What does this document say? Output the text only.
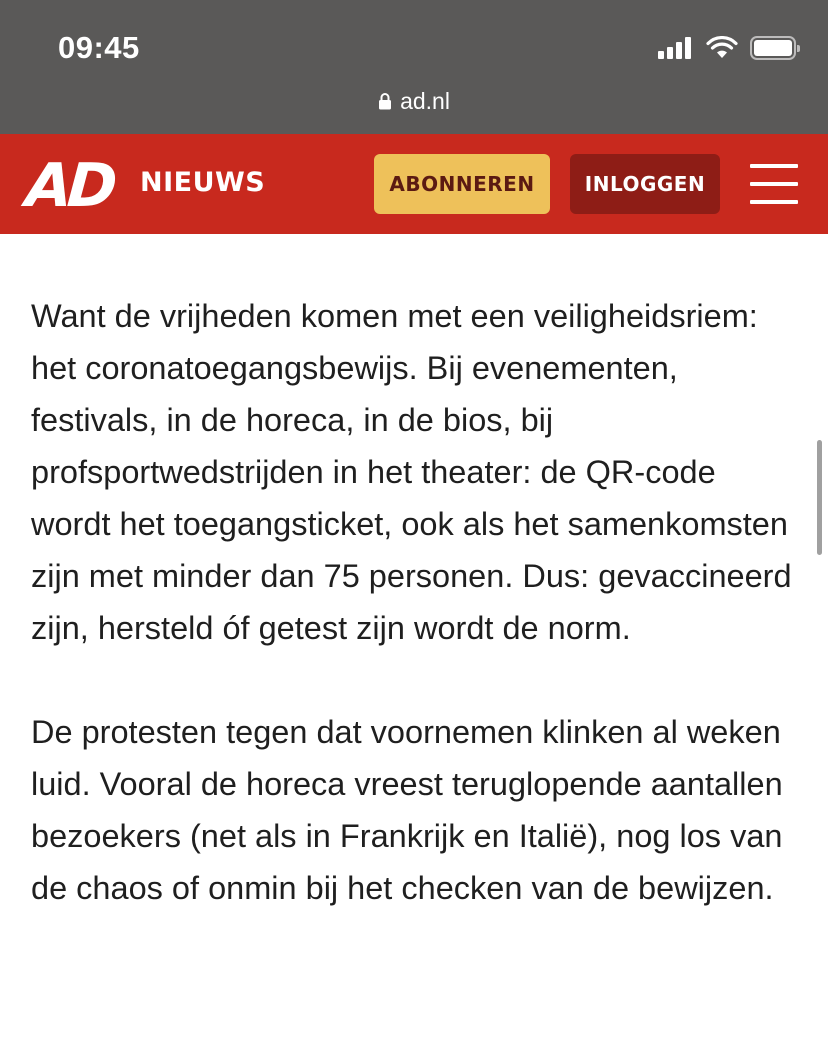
09:45
ad.nl
AD NIEUWS	ABONNEREN	INLOGGEN

Want de vrijheden komen met een veiligheidsriem: het coronatoegangsbewijs. Bij evenementen, festivals, in de horeca, in de bios, bij profsportwedstrijden in het theater: de QR-code wordt het toegangsticket, ook als het samenkomsten zijn met minder dan 75 personen. Dus: gevaccineerd zijn, hersteld óf getest zijn wordt de norm.

De protesten tegen dat voornemen klinken al weken luid. Vooral de horeca vreest teruglopende aantallen bezoekers (net als in Frankrijk en Italië), nog los van de chaos of onmin bij het checken van de bewijzen.
